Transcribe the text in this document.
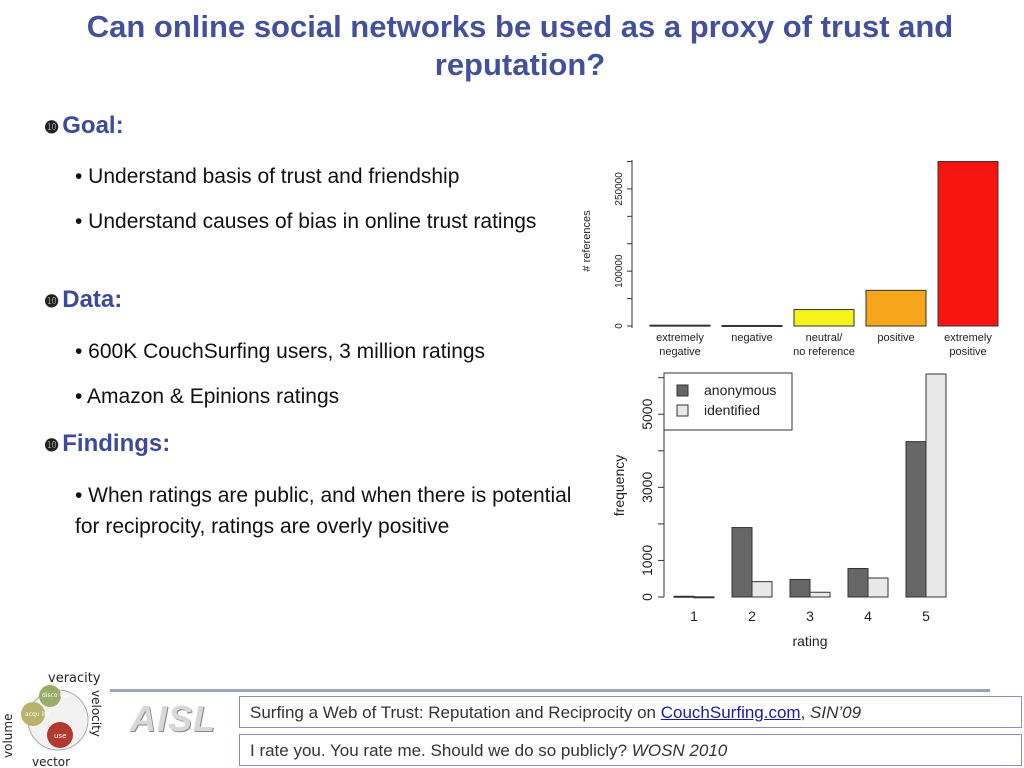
Can online social networks be used as a proxy of trust and reputation?
❿ Goal:
• Understand basis of trust and friendship
• Understand causes of bias in online trust ratings
❿ Data:
• 600K CouchSurfing users, 3 million ratings
• Amazon & Epinions ratings
❿ Findings:
• When ratings are public, and when there is potential for reciprocity, ratings are overly positive
0
100000
250000
# references
extremely
negative
negative	neutral/
no reference
positive	extremely
positive
0
1000
3000
5000
frequency
1	2	3	4	5
rating
anonymous
identified
veracity
velocity
volume
vector
disco ver
acqu ire
use AISL	Surfing a Web of Trust: Reputation and Reciprocity on CouchSurfing.com, SIN’09
I rate you. You rate me. Should we do so publicly? WOSN 2010
